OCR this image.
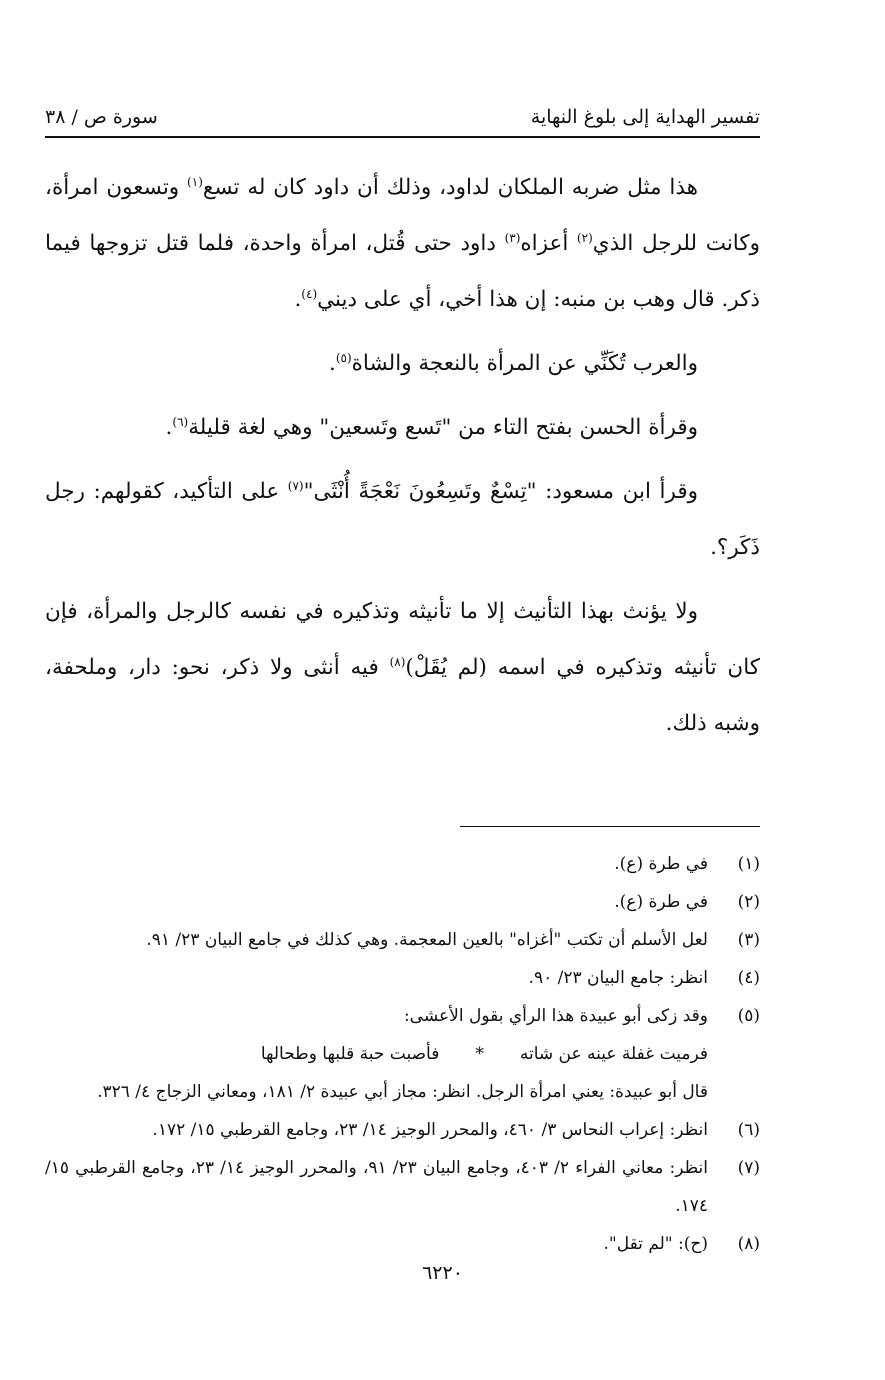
تفسير الهداية إلى بلوغ النهاية
سورة ص / ٣٨

هذا مثل ضربه الملكان لداود، وذلك أن داود كان له تسع$^{(١)}$ وتسعون امرأة، وكانت للرجل الذي$^{(٢)}$ أعزاه$^{(٣)}$ داود حتى قُتل، امرأة واحدة، فلما قتل تزوجها فيما ذكر. قال وهب بن منبه: إن هذا أخي، أي على ديني$^{(٤)}$.

والعرب تُكَنِّي عن المرأة بالنعجة والشاة$^{(٥)}$.

وقرأة الحسن بفتح التاء من "تَسع وتَسعين" وهي لغة قليلة$^{(٦)}$.

وقرأ ابن مسعود: "تِسْعٌ وتَسِعُونَ نَعْجَةً أُنْثَى"$^{(٧)}$ على التأكيد، كقولهم: رجل ذَكَر؟.

ولا يؤنث بهذا التأنيث إلا ما تأنيثه وتذكيره في نفسه كالرجل والمرأة، فإن كان تأنيثه وتذكيره في اسمه (لم يُقَلْ)$^{(٨)}$ فيه أنثى ولا ذكر، نحو: دار، وملحفة، وشبه ذلك.

(١)
في طرة (ع).
(٢)
في طرة (ع).
(٣)
لعل الأسلم أن تكتب "أغزاه" بالعين المعجمة. وهي كذلك في جامع البيان ٢٣/ ٩١.
(٤)
انظر: جامع البيان ٢٣/ ٩٠.
(٥)
وقد زكى أبو عبيدة هذا الرأي بقول الأعشى:
فرميت غفلة عينه عن شاته
*
فأصبت حبة قلبها وطحالها
قال أبو عبيدة: يعني امرأة الرجل. انظر: مجاز أبي عبيدة ٢/ ١٨١، ومعاني الزجاج ٤/ ٣٢٦.
(٦)
انظر: إعراب النحاس ٣/ ٤٦٠، والمحرر الوجيز ١٤/ ٢٣، وجامع القرطبي ١٥/ ١٧٢.
(٧)
انظر: معاني الفراء ٢/ ٤٠٣، وجامع البيان ٢٣/ ٩١، والمحرر الوجيز ١٤/ ٢٣، وجامع القرطبي ١٥/ ١٧٤.
(٨)
(ح): "لم تقل".
٦٢٢٠
